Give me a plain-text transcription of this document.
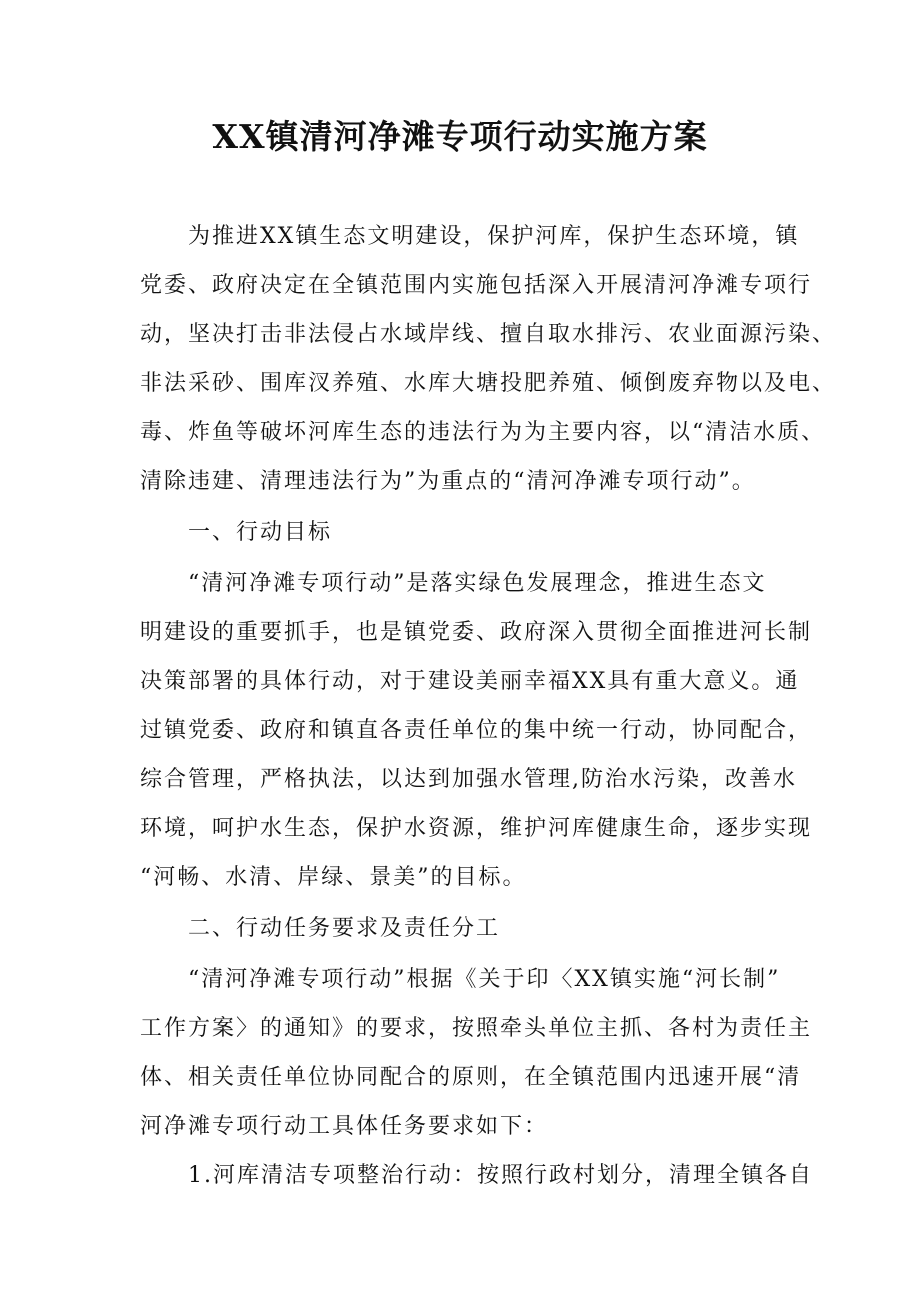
XX镇清河净滩专项行动实施方案
　　为推进XX镇生态文明建设，保护河库，保护生态环境，镇
党委、政府决定在全镇范围内实施包括深入开展清河净滩专项行
动，坚决打击非法侵占水域岸线、擅自取水排污、农业面源污染、
非法采砂、围库汊养殖、水库大塘投肥养殖、倾倒废弃物以及电、
毒、炸鱼等破坏河库生态的违法行为为主要内容，以“清洁水质、
清除违建、清理违法行为”为重点的“清河净滩专项行动”。
　　一、行动目标
　　“清河净滩专项行动”是落实绿色发展理念，推进生态文
明建设的重要抓手，也是镇党委、政府深入贯彻全面推进河长制
决策部署的具体行动，对于建设美丽幸福XX具有重大意义。通
过镇党委、政府和镇直各责任单位的集中统一行动，协同配合，
综合管理，严格执法，以达到加强水管理,防治水污染，改善水
环境，呵护水生态，保护水资源，维护河库健康生命，逐步实现
“河畅、水清、岸绿、景美”的目标。
　　二、行动任务要求及责任分工
　　“清河净滩专项行动”根据《关于印〈XX镇实施“河长制”
工作方案〉的通知》的要求，按照牵头单位主抓、各村为责任主
体、相关责任单位协同配合的原则，在全镇范围内迅速开展“清
河净滩专项行动工具体任务要求如下：
　　1.河库清洁专项整治行动：按照行政村划分，清理全镇各自
